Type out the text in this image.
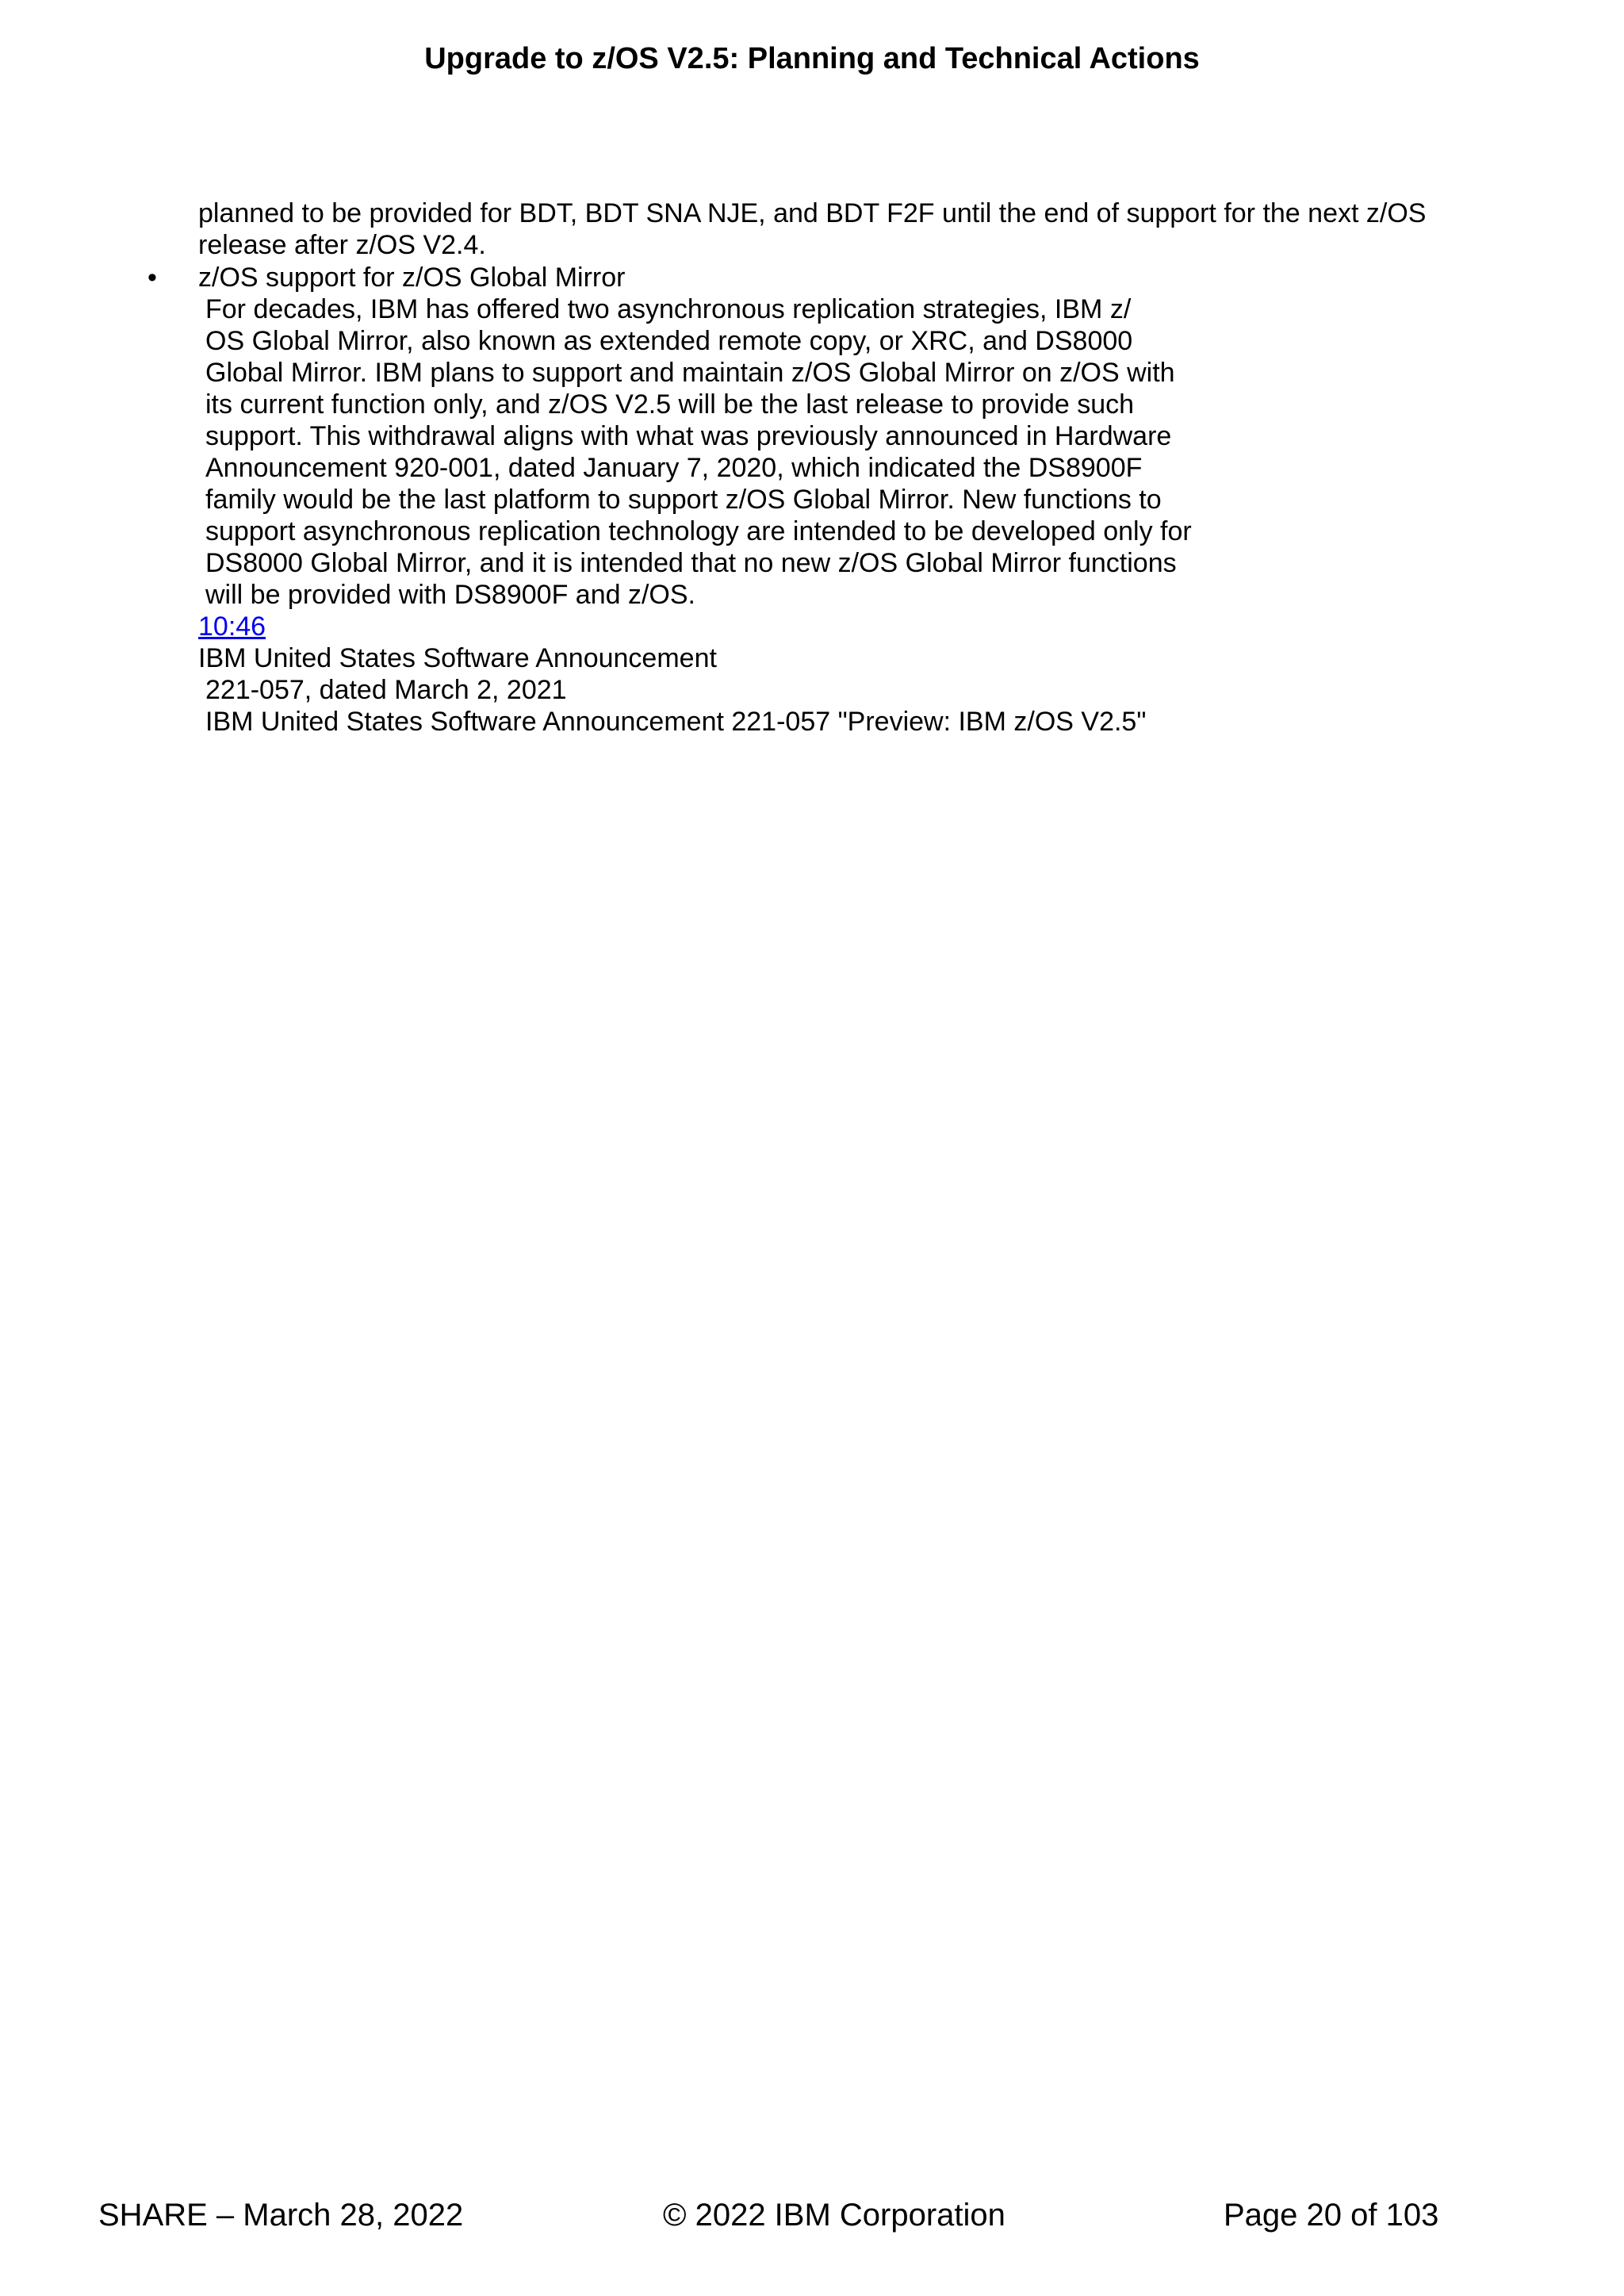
Upgrade to z/OS V2.5: Planning and Technical Actions
planned to be provided for BDT, BDT SNA NJE, and BDT F2F until the end of support for the next z/OS
release after z/OS V2.4.
• z/OS support for z/OS Global Mirror
For decades, IBM has offered two asynchronous replication strategies, IBM z/
OS Global Mirror, also known as extended remote copy, or XRC, and DS8000
Global Mirror. IBM plans to support and maintain z/OS Global Mirror on z/OS with
its current function only, and z/OS V2.5 will be the last release to provide such
support. This withdrawal aligns with what was previously announced in Hardware
Announcement 920-001, dated January 7, 2020, which indicated the DS8900F
family would be the last platform to support z/OS Global Mirror. New functions to
support asynchronous replication technology are intended to be developed only for
DS8000 Global Mirror, and it is intended that no new z/OS Global Mirror functions
will be provided with DS8900F and z/OS.
10:46
IBM United States Software Announcement
221-057, dated March 2, 2021
IBM United States Software Announcement 221-057 "Preview: IBM z/OS V2.5"
SHARE – March 28, 2022	© 2022 IBM Corporation	Page 20 of 103
